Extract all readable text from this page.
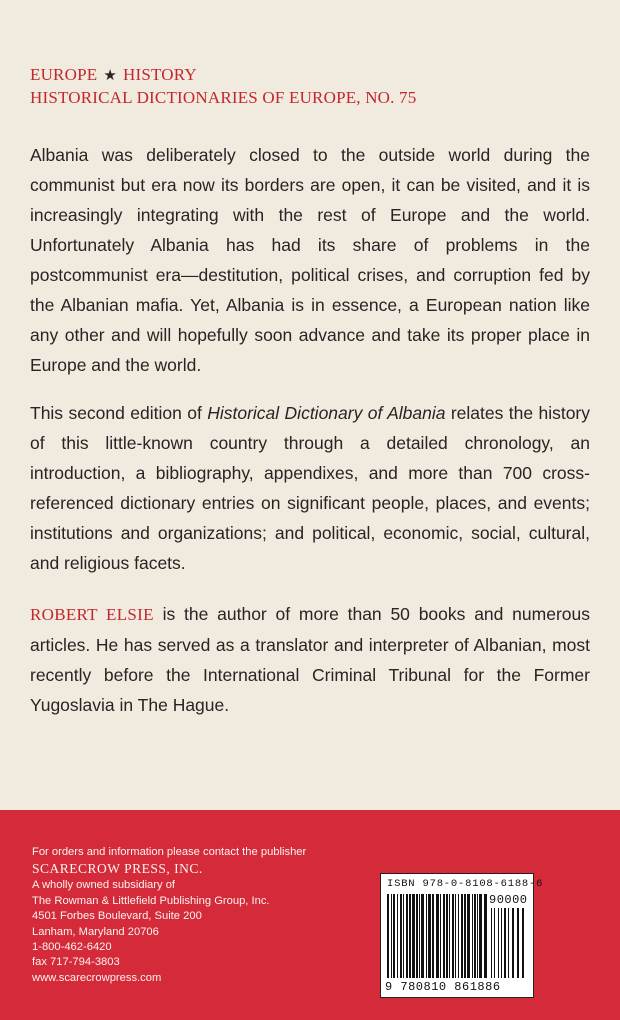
EUROPE ★ HISTORY
HISTORICAL DICTIONARIES OF EUROPE, NO. 75
Albania was deliberately closed to the outside world during the communist but era now its borders are open, it can be visited, and it is increasingly integrating with the rest of Europe and the world. Unfortunately Albania has had its share of problems in the postcommunist era—destitution, political crises, and corruption fed by the Albanian mafia. Yet, Albania is in essence, a European nation like any other and will hopefully soon advance and take its proper place in Europe and the world.
This second edition of Historical Dictionary of Albania relates the history of this little-known country through a detailed chronology, an introduction, a bibliography, appendixes, and more than 700 cross-referenced dictionary entries on significant people, places, and events; institutions and organizations; and political, economic, social, cultural, and religious facets.
ROBERT ELSIE is the author of more than 50 books and numerous articles. He has served as a translator and interpreter of Albanian, most recently before the International Criminal Tribunal for the Former Yugoslavia in The Hague.
For orders and information please contact the publisher
SCARECROW PRESS, INC.
A wholly owned subsidiary of
The Rowman & Littlefield Publishing Group, Inc.
4501 Forbes Boulevard, Suite 200
Lanham, Maryland 20706
1-800-462-6420
fax 717-794-3803
www.scarecrowpress.com
ISBN 978-0-8108-6188-6
90000
9 780810 861886
